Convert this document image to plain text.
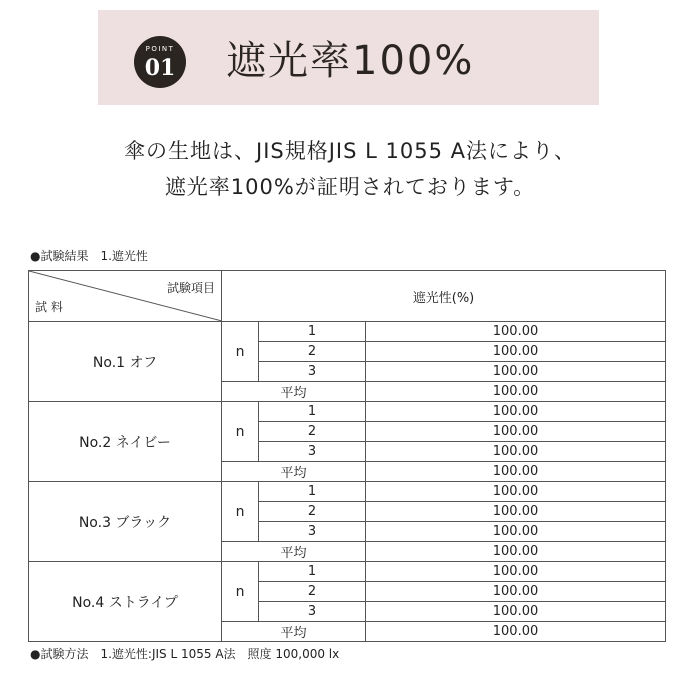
POINT
01 遮光率100%
傘の生地は、JIS規格JIS L 1055 A法により、
遮光率100%が証明されております。
●試験結果　1.遮光性
試験項目
試 料	遮光性(%)		
No.1 オフ	n	1	100.00
		2	100.00
		3	100.00
	平均		100.00
No.2 ネイビー	n	1	100.00
		2	100.00
		3	100.00
	平均		100.00
No.3 ブラック	n	1	100.00
		2	100.00
		3	100.00
	平均		100.00
No.4 ストライプ	n	1	100.00
		2	100.00
		3	100.00
	平均		100.00
●試験方法　1.遮光性:JIS L 1055 A法　照度 100,000 lx
